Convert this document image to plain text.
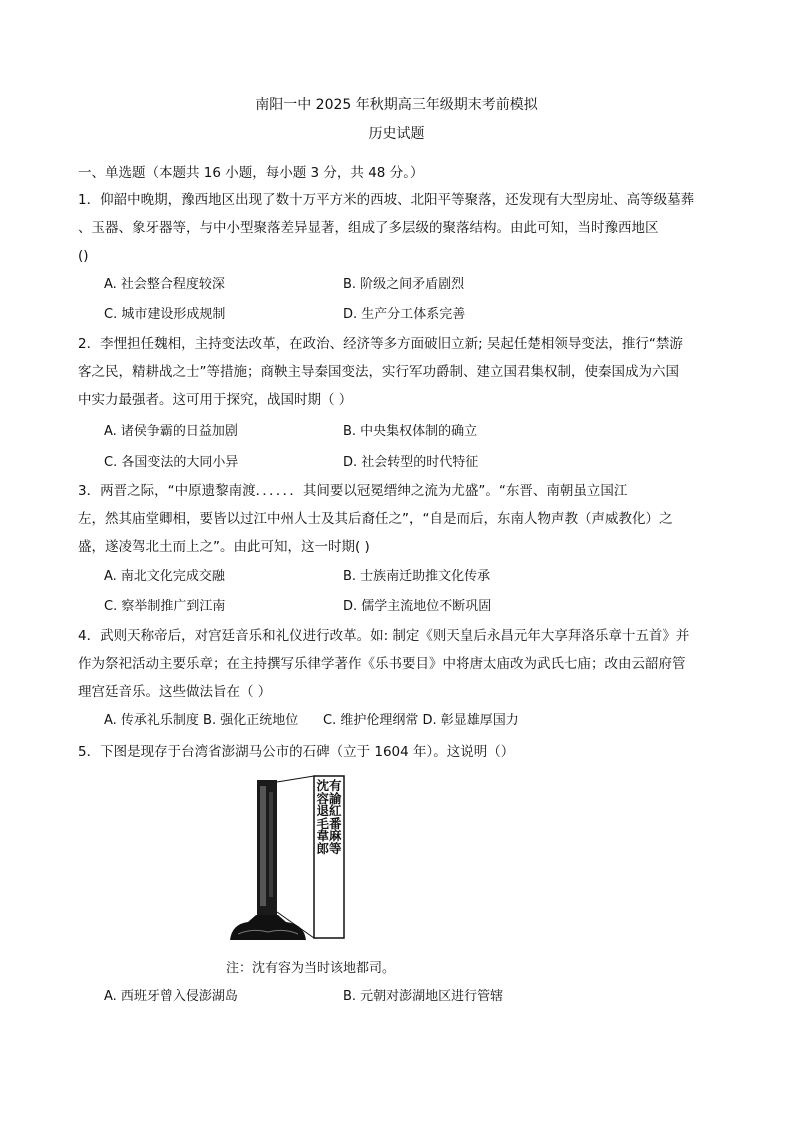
南阳一中 2025 年秋期高三年级期末考前模拟
历史试题
一、单选题（本题共 16 小题，每小题 3 分，共 48 分。）
1．仰韶中晚期，豫西地区出现了数十万平方米的西坡、北阳平等聚落，还发现有大型房址、高等级墓葬
、玉器、象牙器等，与中小型聚落差异显著，组成了多层级的聚落结构。由此可知，当时豫西地区
()
A. 社会整合程度较深	B. 阶级之间矛盾剧烈
C. 城市建设形成规制	D. 生产分工体系完善
2．李悝担任魏相，主持变法改革，在政治、经济等多方面破旧立新; 吴起任楚相领导变法，推行“禁游
客之民，精耕战之士”等措施；商鞅主导秦国变法，实行军功爵制、建立国君集权制，使秦国成为六国
中实力最强者。这可用于探究，战国时期（ ）
A. 诸侯争霸的日益加剧	B. 中央集权体制的确立
C. 各国变法的大同小异	D. 社会转型的时代特征
3．两晋之际，“中原遗黎南渡．．．．．．其间要以冠冕缙绅之流为尤盛”。“东晋、南朝虽立国江
左，然其庙堂卿相，要皆以过江中州人士及其后裔任之”，“自是而后，东南人物声教（声威教化）之
盛，遂凌驾北土而上之”。由此可知，这一时期( )
A. 南北文化完成交融	B. 士族南迁助推文化传承
C. 察举制推广到江南	D. 儒学主流地位不断巩固
4．武则天称帝后，对宫廷音乐和礼仪进行改革。如: 制定《则天皇后永昌元年大享拜洛乐章十五首》并
作为祭祀活动主要乐章；在主持撰写乐律学著作《乐书要目》中将唐太庙改为武氏七庙；改由云韶府管
理宫廷音乐。这些做法旨在（ ）
A. 传承礼乐制度 B. 强化正统地位      C. 维护伦理纲常 D. 彰显雄厚国力
5．下图是现存于台湾省澎湖马公市的石碑（立于 1604 年）。这说明（）
沈有容諭退紅毛番韋麻郎等
注：沈有容为当时该地都司。
A. 西班牙曾入侵澎湖岛	B. 元朝对澎湖地区进行管辖
